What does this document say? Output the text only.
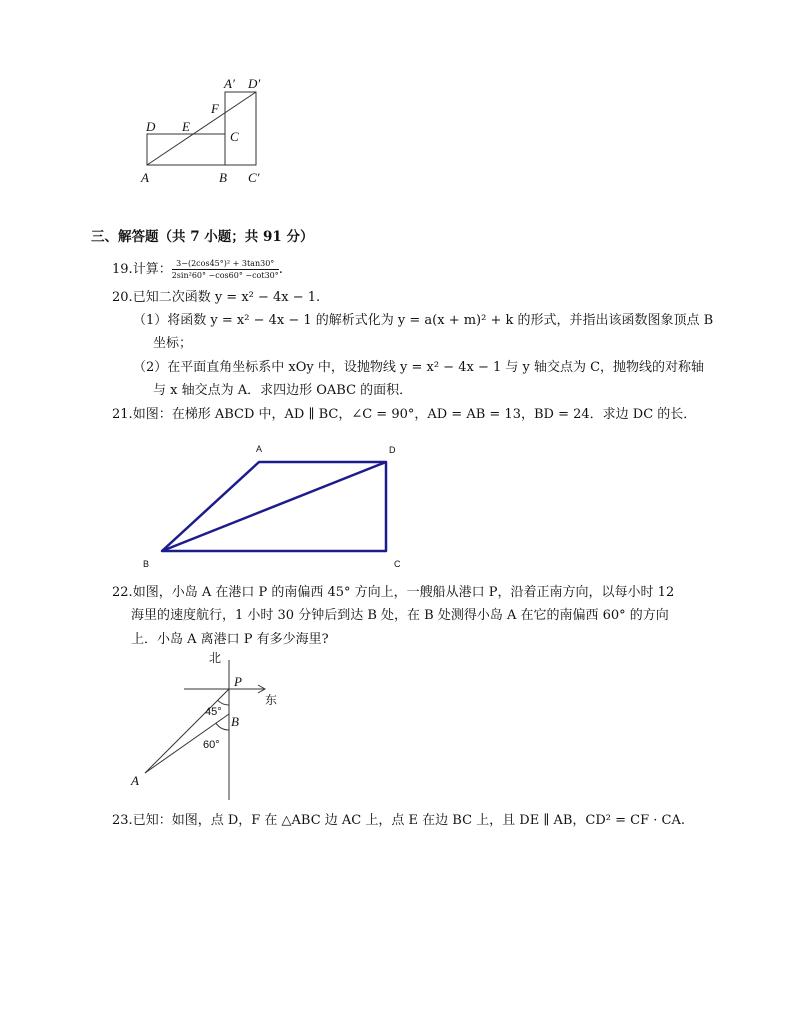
A	B C′
D E
F
C
A′ D′
三、解答题（共 7 小题；共 91 分）
19.计算： $\frac{\text{3−(2cos45°)² + 3tan30°}}{\text{2sin²60° −cos60° −cot30°}}$ .
20.已知二次函数 y = x² − 4x − 1.
（1）将函数 y = x² − 4x − 1 的解析式化为 y = a(x + m)² + k 的形式，并指出该函数图象顶点 B
坐标；
（2）在平面直角坐标系中 xOy 中，设抛物线 y = x² − 4x − 1 与 y 轴交点为 C，抛物线的对称轴
与 x 轴交点为 A．求四边形 OABC 的面积．
21.如图：在梯形 ABCD 中，AD ∥ BC，∠C = 90°，AD = AB = 13，BD = 24．求边 DC 的长．
A	D
B	C
22.如图，小岛 A 在港口 P 的南偏西 45° 方向上，一艘船从港口 P，沿着正南方向，以每小时 12
海里的速度航行，1 小时 30 分钟后到达 B 处，在 B 处测得小岛 A 在它的南偏西 60° 的方向
上．小岛 A 离港口 P 有多少海里?
北
东
P
B
A
45°
60°
23.已知：如图，点 D，F 在 △ABC 边 AC 上，点 E 在边 BC 上，且 DE ∥ AB，CD² = CF · CA.
